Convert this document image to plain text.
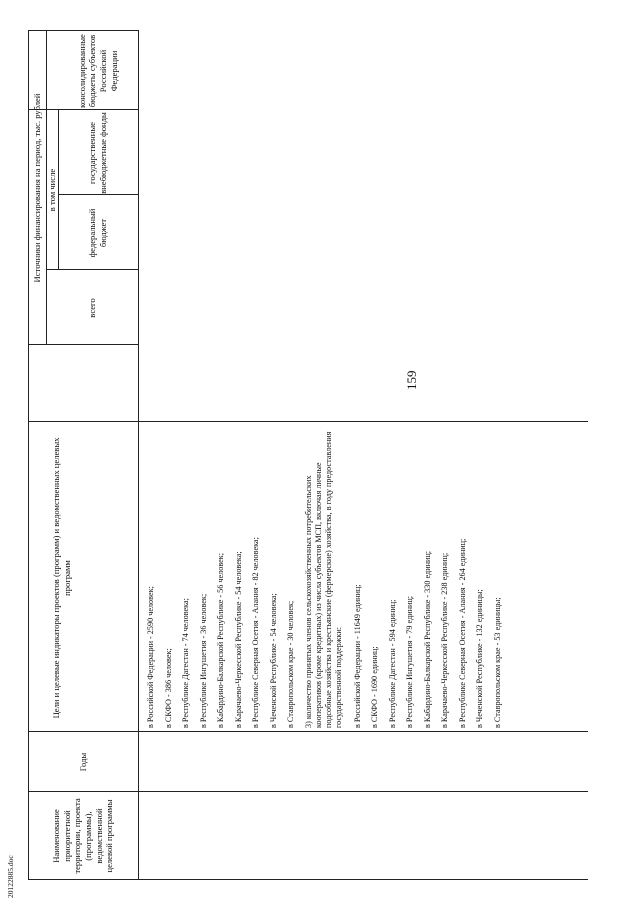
Наименование приоритетной территории, проекта (программы), ведомственной целевой программы
Годы
Цели и целевые индикаторы проектов (программ) и ведомственных целевых программ
всего
Источники финансирования на период, тыс. рублей в том числе
федеральный бюджет
государственные внебюджетные фонды
консолидированные бюджеты субъектов Российской Федерации
в Российской Федерации - 2590 человек; в СКФО - 386 человек; в Республике Дагестан - 74 человека; в Республике Ингушетия - 36 человек; в Кабардино-Балкарской Республике - 56 человек; в Карачаево-Черкесской Республике - 54 человека; в Республике Северная Осетия - Алания - 82 человека; в Чеченской Республике - 54 человека; в Ставропольском крае - 30 человек; 3) количество принятых членов сельскохозяйственных потребительских кооперативов (кроме кредитных) из числа субъектов МСП, включая личные подсобные хозяйства и крестьянские (фермерские) хозяйства, в году предоставления государственной поддержки: в Российской Федерации - 11649 единиц; в СКФО - 1690 единиц; в Республике Дагестан - 594 единиц; в Республике Ингушетия - 79 единиц; в Кабардино-Балкарской Республике - 330 единиц; в Карачаево-Черкесской Республике - 238 единиц; в Республике Северная Осетия - Алания - 264 единиц; в Чеченской Республике - 132 единицы; в Ставропольском крае - 53 единицы;
159
20122885.doc
